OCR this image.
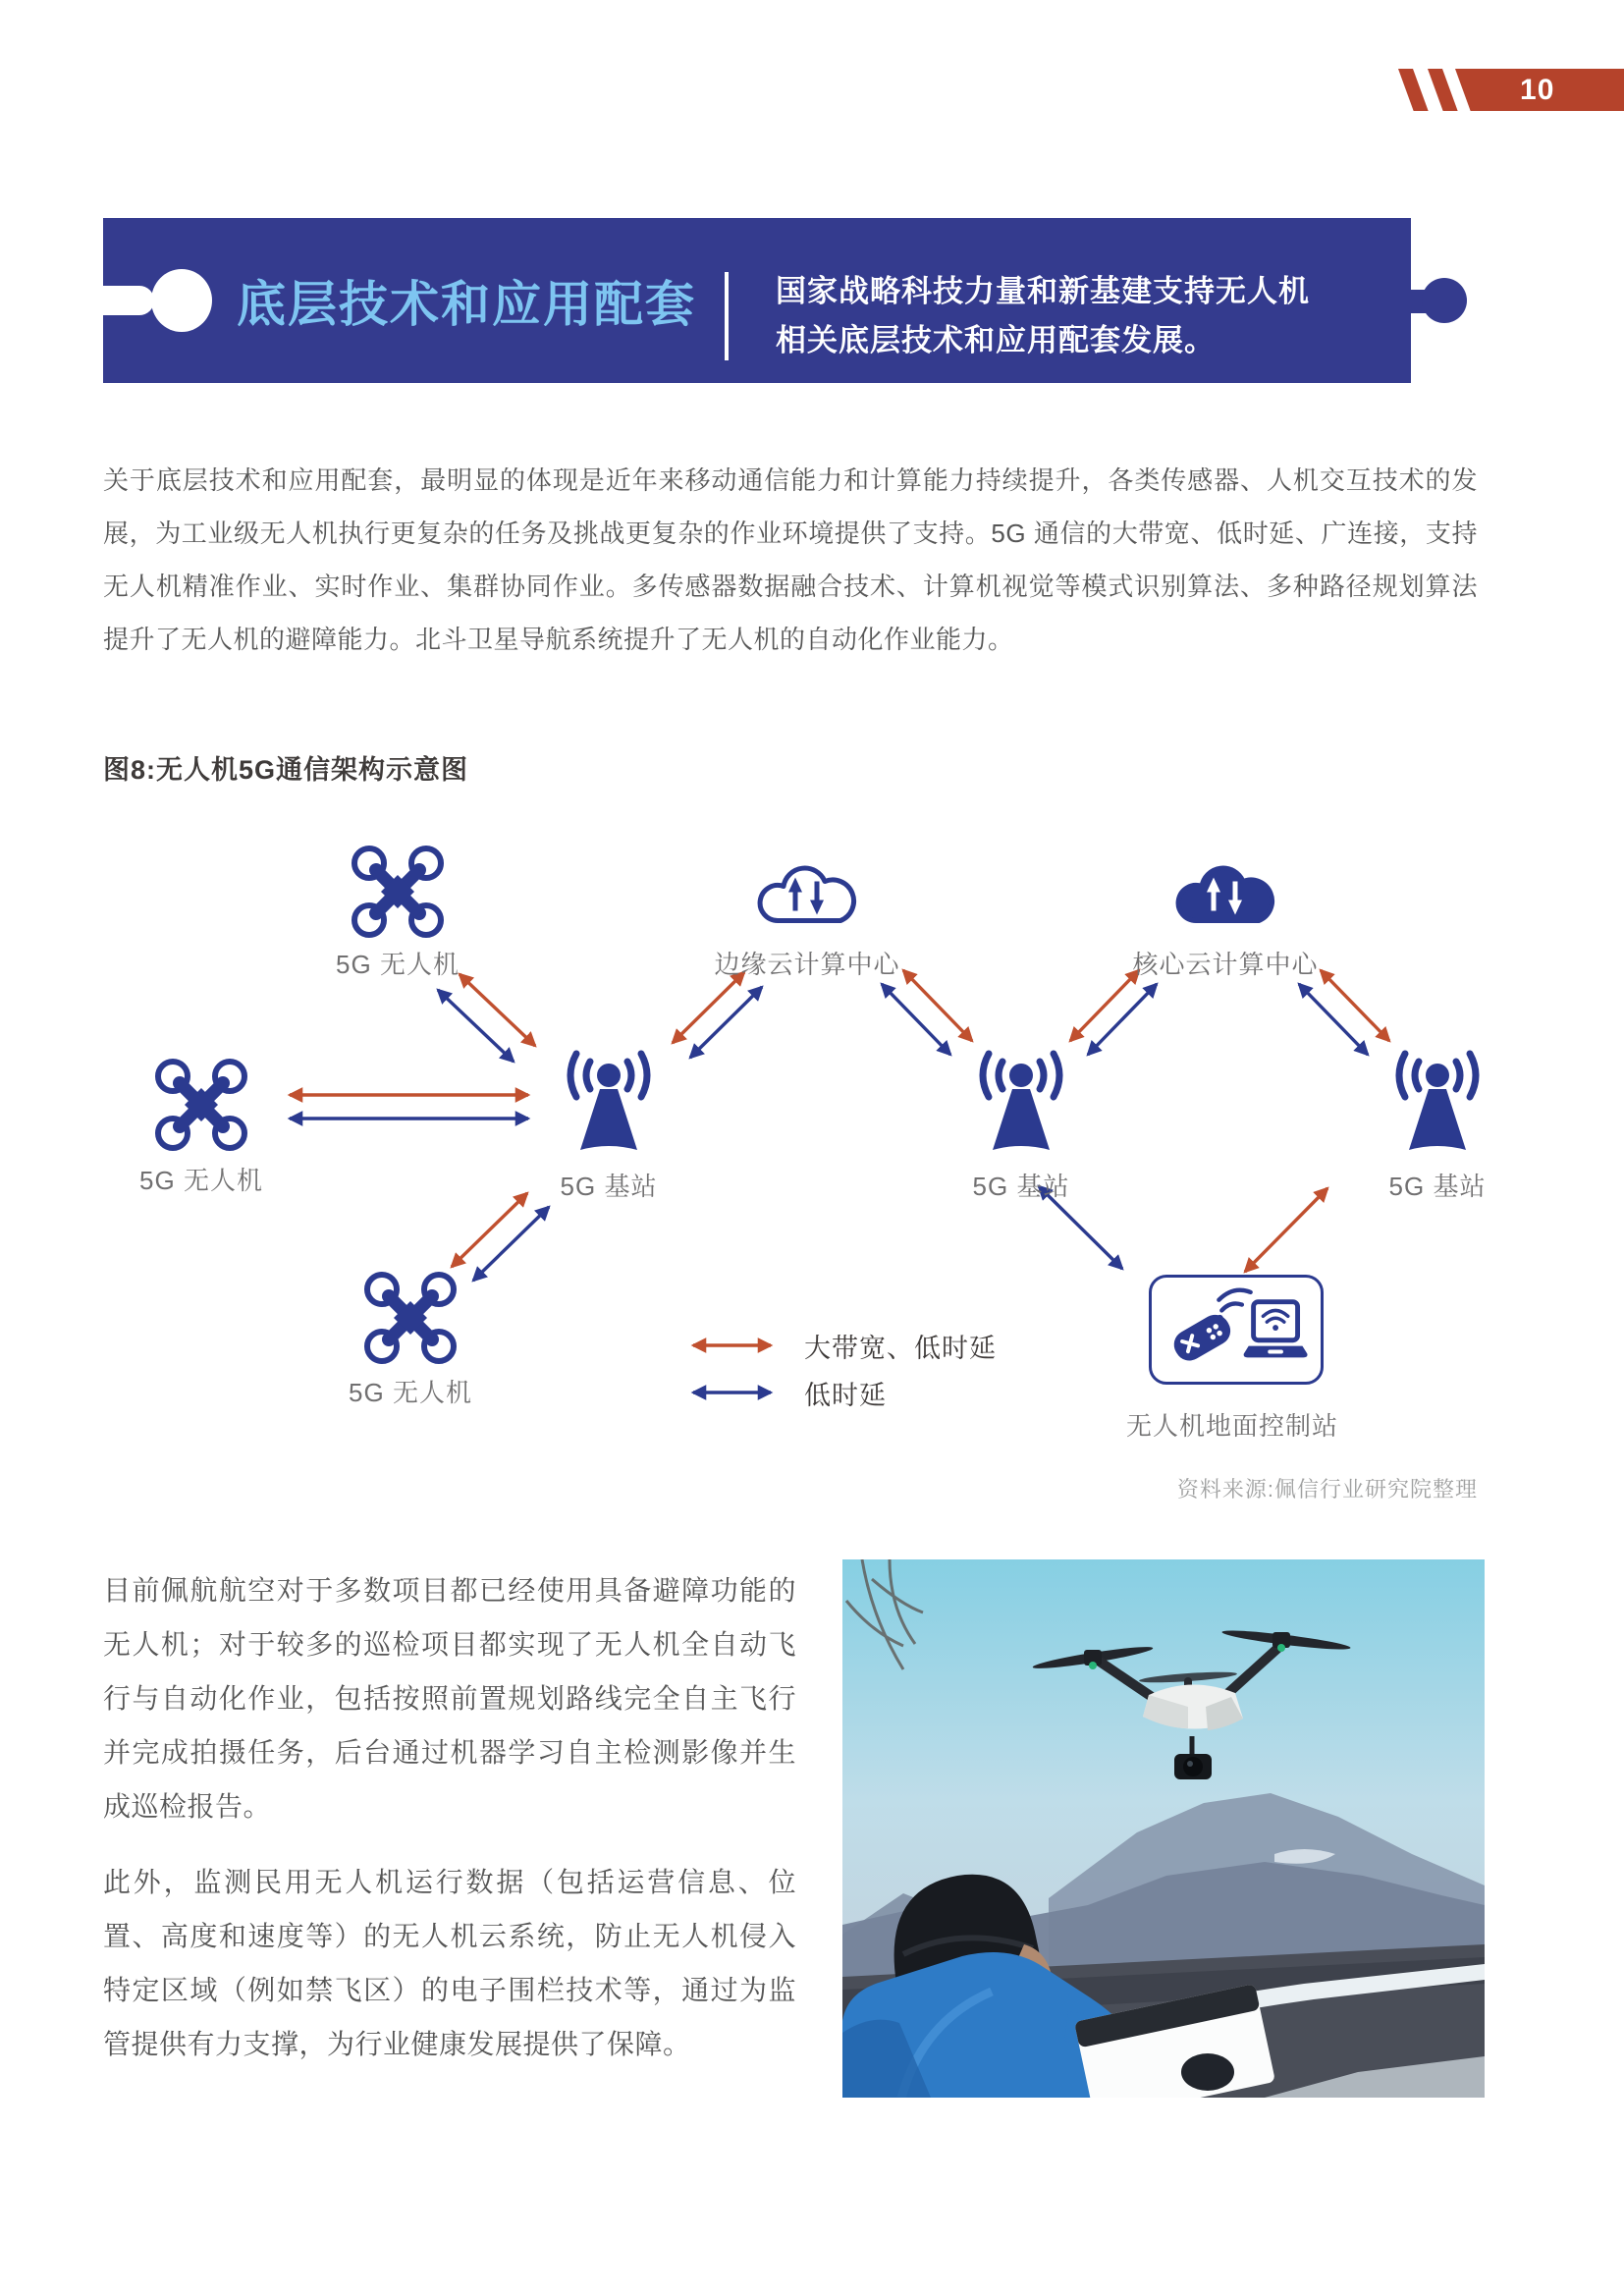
10
底层技术和应用配套	国家战略科技力量和新基建支持无人机
相关底层技术和应用配套发展。
关于底层技术和应用配套，最明显的体现是近年来移动通信能力和计算能力持续提升，各类传感器、人机交互技术的发展，为工业级无人机执行更复杂的任务及挑战更复杂的作业环境提供了支持。5G 通信的大带宽、低时延、广连接，支持无人机精准作业、实时作业、集群协同作业。多传感器数据融合技术、计算机视觉等模式识别算法、多种路径规划算法提升了无人机的避障能力。北斗卫星导航系统提升了无人机的自动化作业能力。
图8:无人机5G通信架构示意图
5G 无人机	边缘云计算中心	核心云计算中心
5G 无人机	5G 基站	5G 基站	5G 基站
5G 无人机
大带宽、低时延
低时延
无人机地面控制站
资料来源:佩信行业研究院整理

目前佩航航空对于多数项目都已经使用具备避障功能的无人机；对于较多的巡检项目都实现了无人机全自动飞行与自动化作业，包括按照前置规划路线完全自主飞行并完成拍摄任务，后台通过机器学习自主检测影像并生成巡检报告。

此外，监测民用无人机运行数据（包括运营信息、位置、高度和速度等）的无人机云系统，防止无人机侵入特定区域（例如禁飞区）的电子围栏技术等，通过为监管提供有力支撑，为行业健康发展提供了保障。
